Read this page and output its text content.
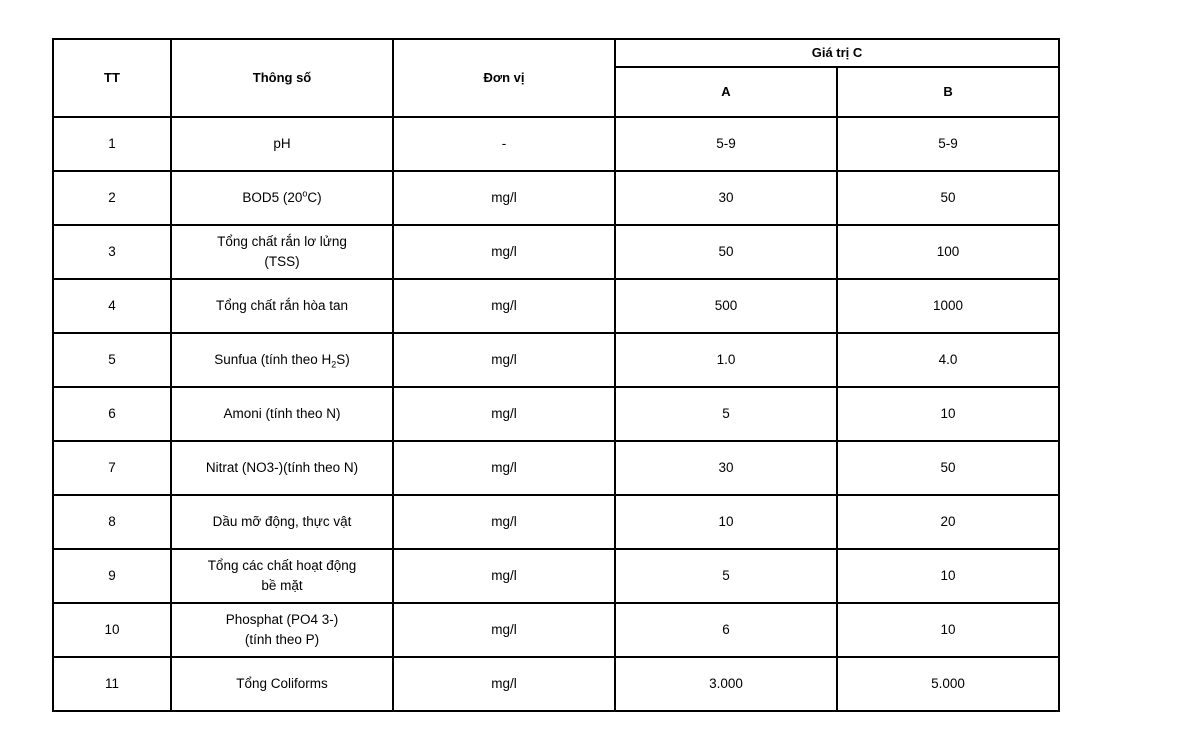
TT	Thông số	Đơn vị	Giá trị C	
			A	B
1	pH	-	5-9	5-9
2	BOD5 (20$^o$C)	mg/l	30	50
3	Tổng chất rắn lơ lửng (TSS)	mg/l	50	100
4	Tổng chất rắn hòa tan	mg/l	500	1000
5	Sunfua (tính theo $H_2S$)	mg/l	1.0	4.0
6	Amoni (tính theo N)	mg/l	5	10
7	Nitrat (NO3-)(tính theo N)	mg/l	30	50
8	Dầu mỡ động, thực vật	mg/l	10	20
9	Tổng các chất hoạt động bề mặt	mg/l	5	10
10	Phosphat (PO4 3-) (tính theo P)	mg/l	6	10
11	Tổng Coliforms	mg/l	3.000	5.000
